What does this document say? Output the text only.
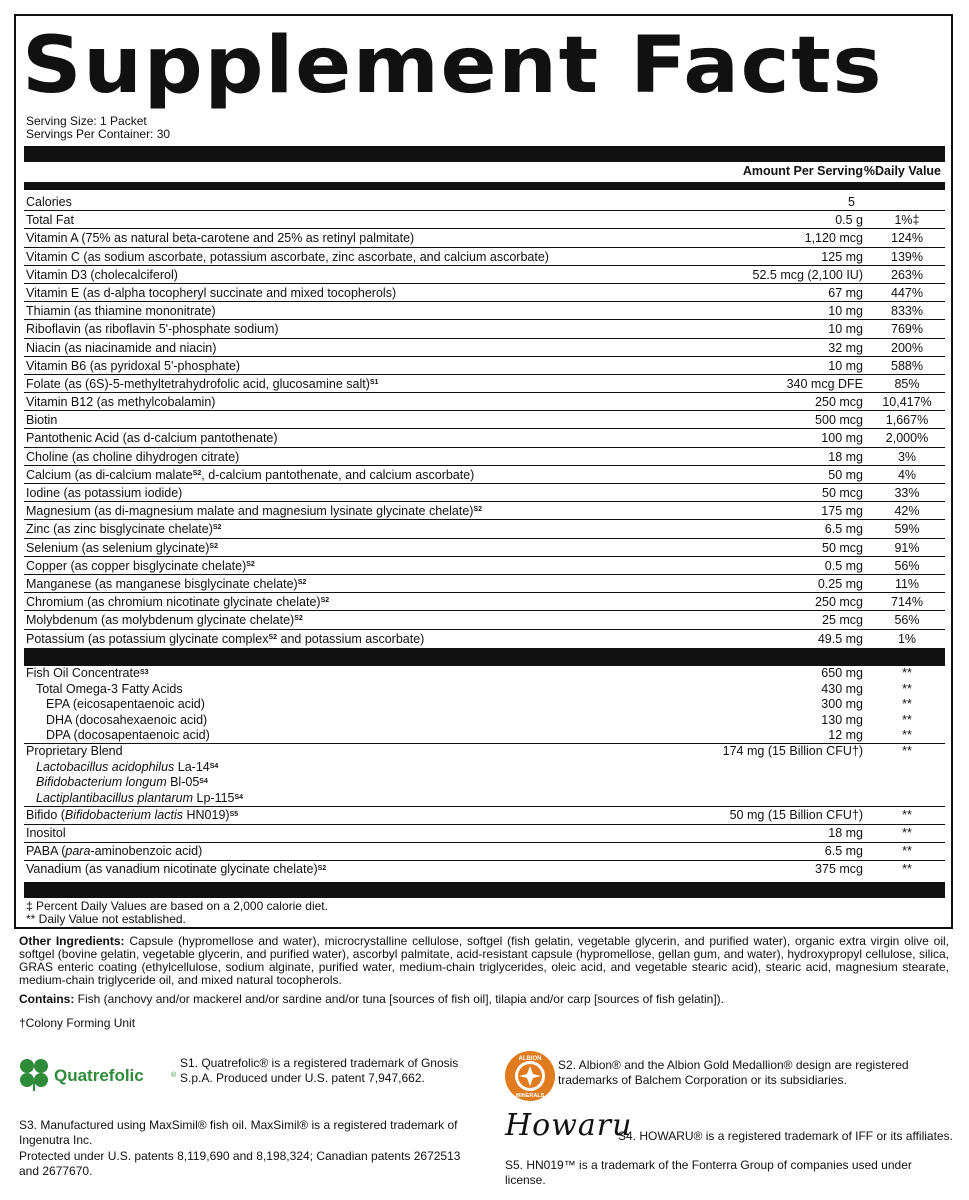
Supplement Facts
Serving Size: 1 Packet
Servings Per Container: 30
Amount Per Serving %Daily Value
Calories	5
Total Fat	0.5 g	1%‡
Vitamin A (75% as natural beta-carotene and 25% as retinyl palmitate)	1,120 mcg	124%
Vitamin C (as sodium ascorbate, potassium ascorbate, zinc ascorbate, and calcium ascorbate)	125 mg	139%
Vitamin D3 (cholecalciferol)	52.5 mcg (2,100 IU)	263%
Vitamin E (as d-alpha tocopheryl succinate and mixed tocopherols)	67 mg	447%
Thiamin (as thiamine mononitrate)	10 mg	833%
Riboflavin (as riboflavin 5'-phosphate sodium)	10 mg	769%
Niacin (as niacinamide and niacin)	32 mg	200%
Vitamin B6 (as pyridoxal 5'-phosphate)	10 mg	588%
Folate (as (6S)-5-methyltetrahydrofolic acid, glucosamine salt)$^{S1}$	340 mcg DFE	85%
Vitamin B12 (as methylcobalamin)	250 mcg	10,417%
Biotin	500 mcg	1,667%
Pantothenic Acid (as d-calcium pantothenate)	100 mg	2,000%
Choline (as choline dihydrogen citrate)	18 mg	3%
Calcium (as di-calcium malate$^{S2}$, d-calcium pantothenate, and calcium ascorbate)	50 mg	4%
Iodine (as potassium iodide)	50 mcg	33%
Magnesium (as di-magnesium malate and magnesium lysinate glycinate chelate)$^{S2}$	175 mg	42%
Zinc (as zinc bisglycinate chelate)$^{S2}$	6.5 mg	59%
Selenium (as selenium glycinate)$^{S2}$	50 mcg	91%
Copper (as copper bisglycinate chelate)$^{S2}$	0.5 mg	56%
Manganese (as manganese bisglycinate chelate)$^{S2}$	0.25 mg	11%
Chromium (as chromium nicotinate glycinate chelate)$^{S2}$	250 mcg	714%
Molybdenum (as molybdenum glycinate chelate)$^{S2}$	25 mcg	56%
Potassium (as potassium glycinate complex$^{S2}$ and potassium ascorbate)	49.5 mg	1%
Fish Oil Concentrate$^{S3}$	650 mg	**
Total Omega-3 Fatty Acids	430 mg	**
EPA (eicosapentaenoic acid)	300 mg	**
DHA (docosahexaenoic acid)	130 mg	**
DPA (docosapentaenoic acid)	12 mg	**
Proprietary Blend	174 mg (15 Billion CFU†)	**
Lactobacillus acidophilus $La-14^{S4}$
Bifidobacterium longum $Bl-05^{S4}$
Lactiplantibacillus plantarum $Lp-115^{S4}$
Bifido (Bifidobacterium lactis HN019)$^{S5}$	50 mg (15 Billion CFU†)	**
Inositol	18 mg	**
PABA (para-aminobenzoic acid)	6.5 mg	**
Vanadium (as vanadium nicotinate glycinate chelate)$^{S2}$	375 mcg	**
‡ Percent Daily Values are based on a 2,000 calorie diet.
** Daily Value not established.
Other Ingredients: Capsule (hypromellose and water), microcrystalline cellulose, softgel (fish gelatin, vegetable glycerin, and purified water), organic extra virgin olive oil, softgel (bovine gelatin, vegetable glycerin, and purified water), ascorbyl palmitate, acid-resistant capsule (hypromellose, gellan gum, and water), hydroxypropyl cellulose, silica, GRAS enteric coating (ethylcellulose, sodium alginate, purified water, medium-chain triglycerides, oleic acid, and vegetable stearic acid), stearic acid, magnesium stearate, medium-chain triglyceride oil, and mixed natural tocopherols.
Contains: Fish (anchovy and/or mackerel and/or sardine and/or tuna [sources of fish oil], tilapia and/or carp [sources of fish gelatin]).
†Colony Forming Unit
Quatrefolic	®
S1. Quatrefolic® is a registered trademark of Gnosis S.p.A. Produced under U.S. patent 7,947,662.
ALBION
MINERALS
S2. Albion® and the Albion Gold Medallion® design are registered trademarks of Balchem Corporation or its subsidiaries.
S3. Manufactured using MaxSimil® fish oil. MaxSimil® is a registered trademark of Ingenutra Inc.
Protected under U.S. patents 8,119,690 and 8,198,324; Canadian patents 2672513 and 2677670.
Howaru
S4. HOWARU® is a registered trademark of IFF or its affiliates.
S5. HN019™ is a trademark of the Fonterra Group of companies used under license.
